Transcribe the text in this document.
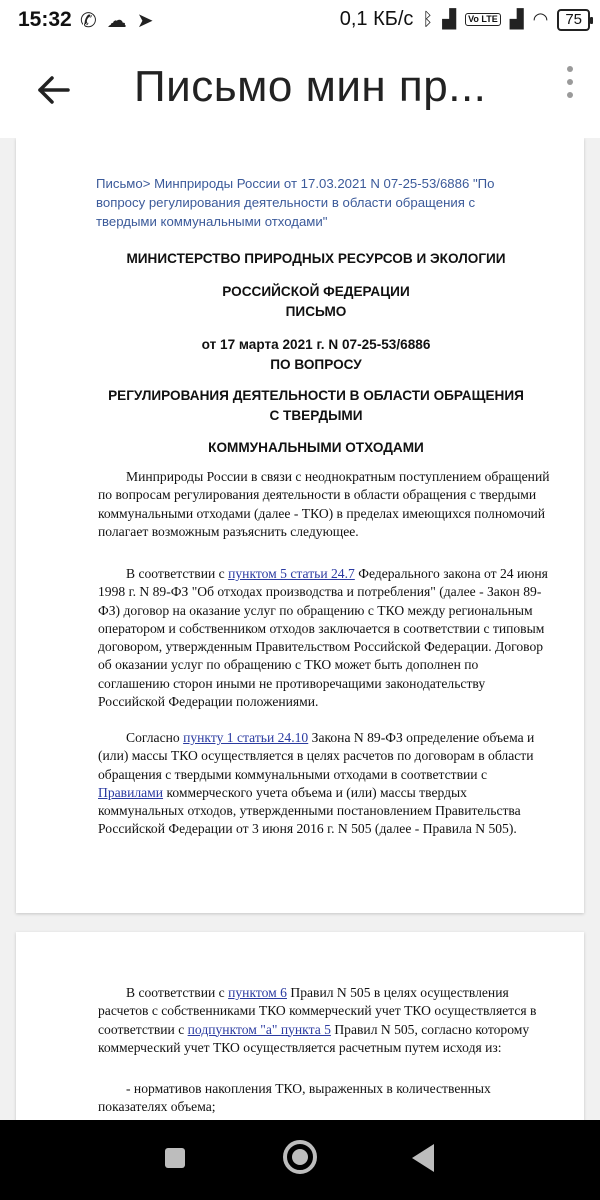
15:32 ✆ ☁ ➤	0,1 КБ/с ᛒ ▟	Vo LTE ▟ ◠	75
Письмо мин пр...
Письмо> Минприроды России от 17.03.2021 N 07-25-53/6886 "По вопросу регулирования деятельности в области обращения с твердыми коммунальными отходами"
МИНИСТЕРСТВО ПРИРОДНЫХ РЕСУРСОВ И ЭКОЛОГИИ
РОССИЙСКОЙ ФЕДЕРАЦИИ
ПИСЬМО
от 17 марта 2021 г. N 07-25-53/6886
ПО ВОПРОСУ
РЕГУЛИРОВАНИЯ ДЕЯТЕЛЬНОСТИ В ОБЛАСТИ ОБРАЩЕНИЯ
С ТВЕРДЫМИ
КОММУНАЛЬНЫМИ ОТХОДАМИ
Минприроды России в связи с неоднократным поступлением обращений по вопросам регулирования деятельности в области обращения с твердыми коммунальными отходами (далее - ТКО) в пределах имеющихся полномочий полагает возможным разъяснить следующее.
В соответствии с пунктом 5 статьи 24.7 Федерального закона от 24 июня 1998 г. N 89-ФЗ "Об отходах производства и потребления" (далее - Закон 89-ФЗ) договор на оказание услуг по обращению с ТКО между региональным оператором и собственником отходов заключается в соответствии с типовым договором, утвержденным Правительством Российской Федерации. Договор об оказании услуг по обращению с ТКО может быть дополнен по соглашению сторон иными не противоречащими законодательству Российской Федерации положениями.
Согласно пункту 1 статьи 24.10 Закона N 89-ФЗ определение объема и (или) массы ТКО осуществляется в целях расчетов по договорам в области обращения с твердыми коммунальными отходами в соответствии с Правилами коммерческого учета объема и (или) массы твердых коммунальных отходов, утвержденными постановлением Правительства Российской Федерации от 3 июня 2016 г. N 505 (далее - Правила N 505).
В соответствии с пунктом 6 Правил N 505 в целях осуществления расчетов с собственниками ТКО коммерческий учет ТКО осуществляется в соответствии с подпунктом "а" пункта 5 Правил N 505, согласно которому коммерческий учет ТКО осуществляется расчетным путем исходя из:
- нормативов накопления ТКО, выраженных в количественных показателях объема;
